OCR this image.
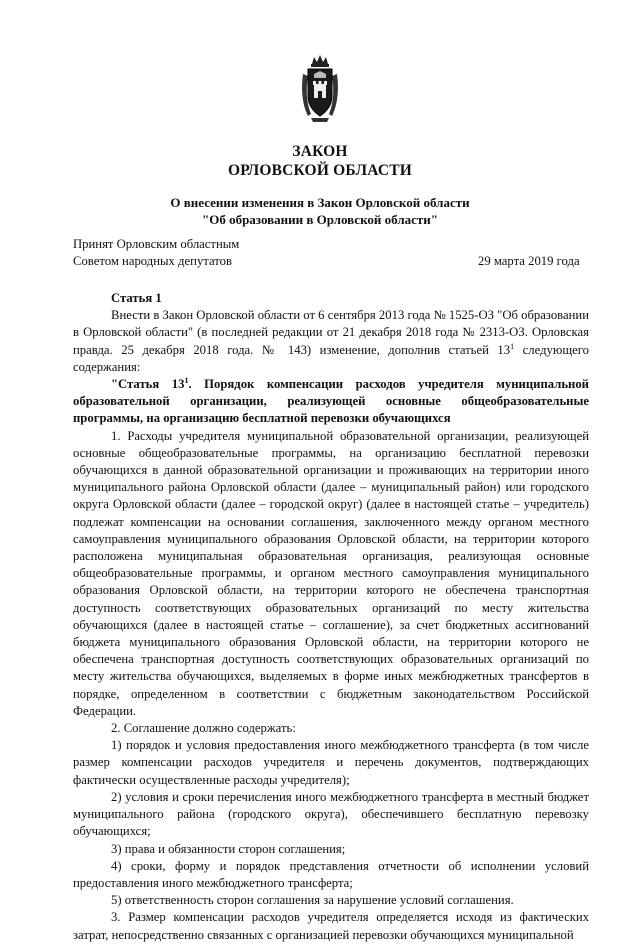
ЗАКОН
ОРЛОВСКОЙ ОБЛАСТИ
О внесении изменения в Закон Орловской области
"Об образовании в Орловской области"
Принят Орловским областным
Советом народных депутатов	29 марта 2019 года

Статья 1

Внести в Закон Орловской области от 6 сентября 2013 года № 1525-ОЗ "Об образовании в Орловской области" (в последней редакции от 21 декабря 2018 года № 2313-ОЗ. Орловская правда. 25 декабря 2018 года. № 143) изменение, дополнив статьей $13^1$ следующего содержания:

"Статья $13^1$. Порядок компенсации расходов учредителя муниципальной образовательной организации, реализующей основные общеобразовательные программы, на организацию бесплатной перевозки обучающихся

1. Расходы учредителя муниципальной образовательной организации, реализующей основные общеобразовательные программы, на организацию бесплатной перевозки обучающихся в данной образовательной организации и проживающих на территории иного муниципального района Орловской области (далее – муниципальный район) или городского округа Орловской области (далее – городской округ) (далее в настоящей статье – учредитель) подлежат компенсации на основании соглашения, заключенного между органом местного самоуправления муниципального образования Орловской области, на территории которого расположена муниципальная образовательная организация, реализующая основные общеобразовательные программы, и органом местного самоуправления муниципального образования Орловской области, на территории которого не обеспечена транспортная доступность соответствующих образовательных организаций по месту жительства обучающихся (далее в настоящей статье – соглашение), за счет бюджетных ассигнований бюджета муниципального образования Орловской области, на территории которого не обеспечена транспортная доступность соответствующих образовательных организаций по месту жительства обучающихся, выделяемых в форме иных межбюджетных трансфертов в порядке, определенном в соответствии с бюджетным законодательством Российской Федерации.

2. Соглашение должно содержать:

1) порядок и условия предоставления иного межбюджетного трансферта (в том числе размер компенсации расходов учредителя и перечень документов, подтверждающих фактически осуществленные расходы учредителя);

2) условия и сроки перечисления иного межбюджетного трансферта в местный бюджет муниципального района (городского округа), обеспечившего бесплатную перевозку обучающихся;

3) права и обязанности сторон соглашения;

4) сроки, форму и порядок представления отчетности об исполнении условий предоставления иного межбюджетного трансферта;

5) ответственность сторон соглашения за нарушение условий соглашения.

3. Размер компенсации расходов учредителя определяется исходя из фактических затрат, непосредственно связанных с организацией перевозки обучающихся муниципальной
